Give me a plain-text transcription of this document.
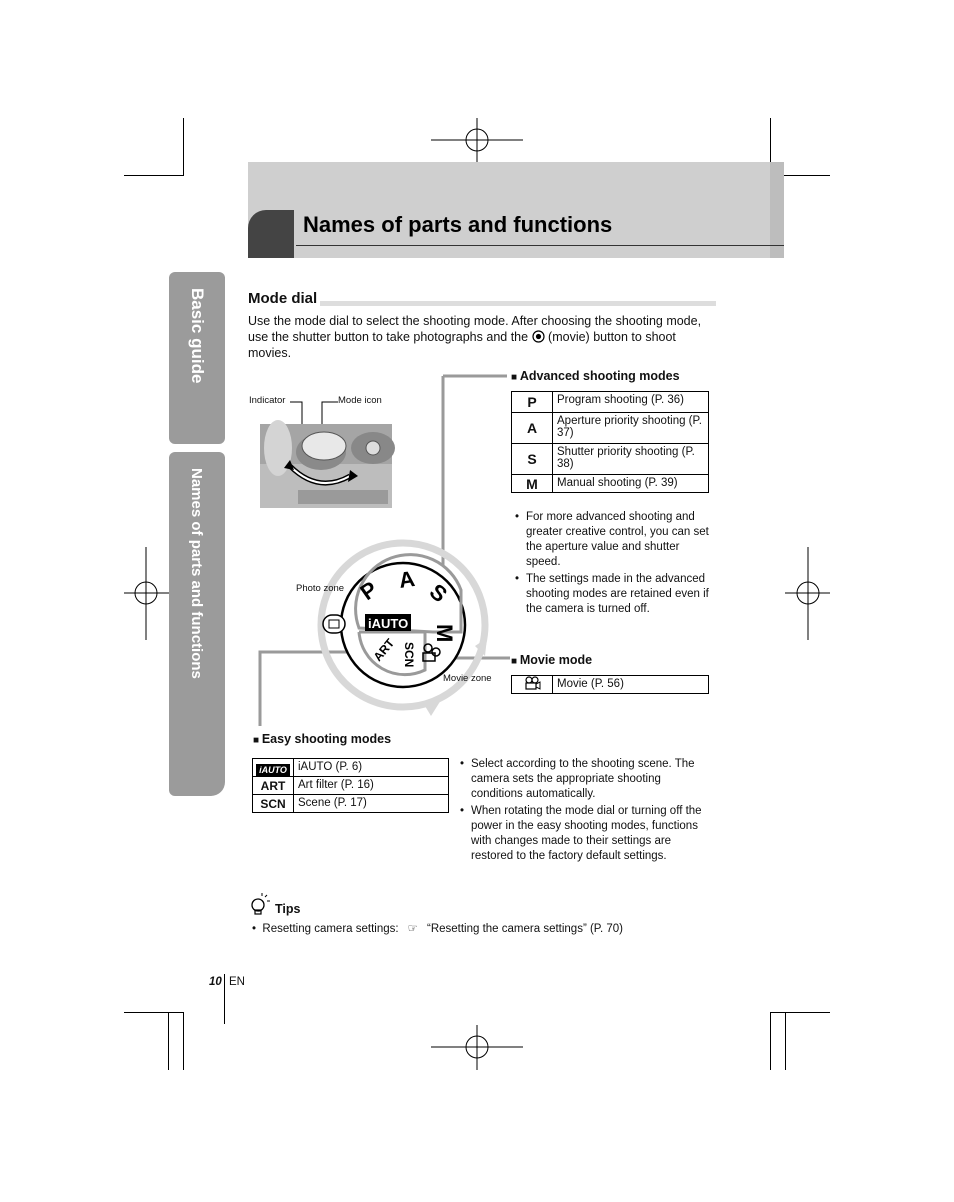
Names of parts and functions
Basic guide
Names of parts and functions
Mode dial
Use the mode dial to select the shooting mode. After choosing the shooting mode, use the shutter button to take photographs and the (movie) button to shoot movies.
Indicator	Mode icon
P A S
M
iAUTO
ART SCN
Photo zone
Movie zone
■ Advanced shooting modes
P	Program shooting (P. 36)
A	Aperture priority shooting (P. 37)
S	Shutter priority shooting (P. 38)
M	Manual shooting (P. 39)
• For more advanced shooting and greater creative control, you can set the aperture value and shutter speed.
• The settings made in the advanced shooting modes are retained even if the camera is turned off.
■ Movie mode
	Movie (P. 56)
■ Easy shooting modes
iAUTO	iAUTO (P. 6)
ART	Art filter (P. 16)
SCN	Scene (P. 17)
• Select according to the shooting scene. The camera sets the appropriate shooting conditions automatically.
• When rotating the mode dial or turning off the power in the easy shooting modes, functions with changes made to their settings are restored to the factory default settings.
Tips
•  Resetting camera settings: ☞ “Resetting the camera settings” (P. 70)
10 EN
